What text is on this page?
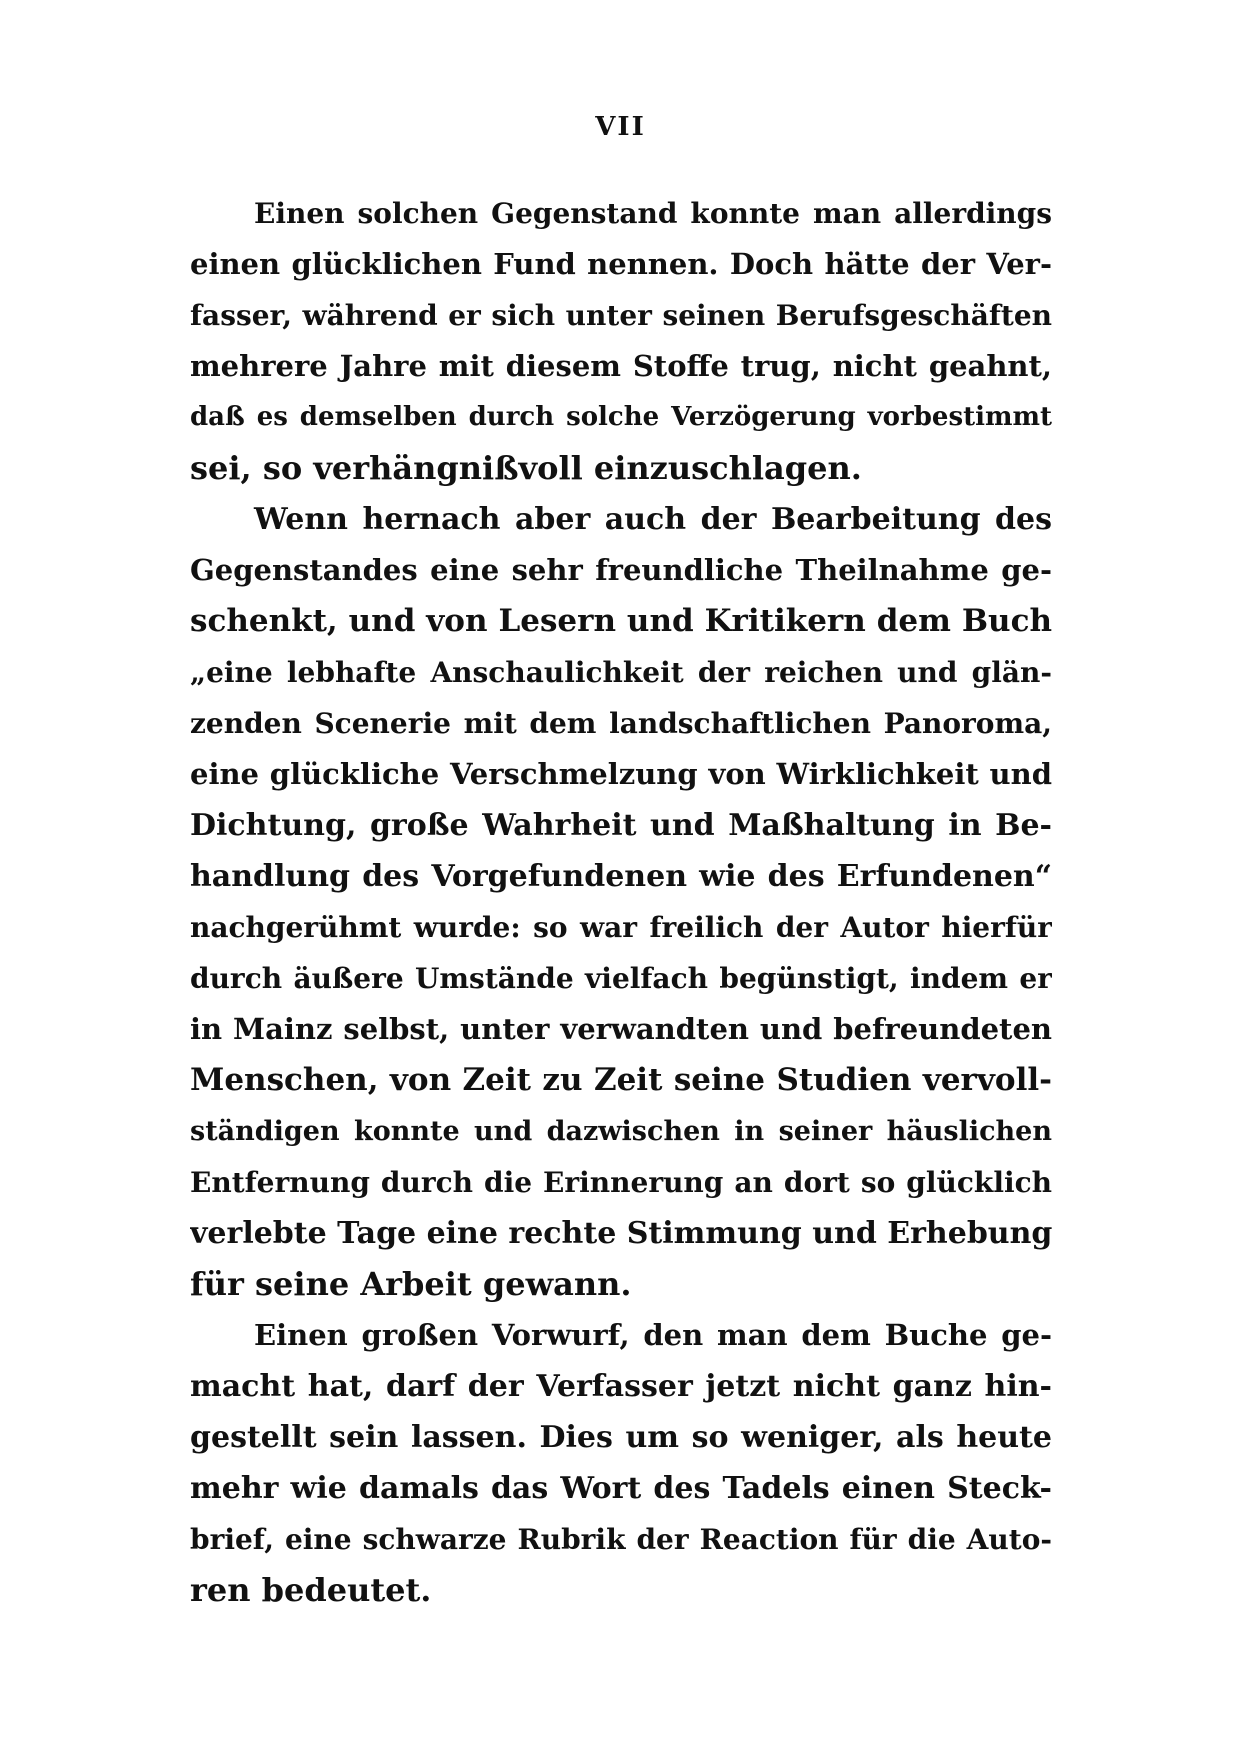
VII
Einen solchen Gegenstand konnte man allerdings
einen glücklichen Fund nennen. Doch hätte der Ver-
fasser, während er sich unter seinen Berufsgeschäften
mehrere Jahre mit diesem Stoffe trug, nicht geahnt,
daß es demselben durch solche Verzögerung vorbestimmt
sei, so verhängnißvoll einzuschlagen.
Wenn hernach aber auch der Bearbeitung des
Gegenstandes eine sehr freundliche Theilnahme ge-
schenkt, und von Lesern und Kritikern dem Buch
„eine lebhafte Anschaulichkeit der reichen und glän-
zenden Scenerie mit dem landschaftlichen Panoroma,
eine glückliche Verschmelzung von Wirklichkeit und
Dichtung, große Wahrheit und Maßhaltung in Be-
handlung des Vorgefundenen wie des Erfundenen“
nachgerühmt wurde: so war freilich der Autor hierfür
durch äußere Umstände vielfach begünstigt, indem er
in Mainz selbst, unter verwandten und befreundeten
Menschen, von Zeit zu Zeit seine Studien vervoll-
ständigen konnte und dazwischen in seiner häuslichen
Entfernung durch die Erinnerung an dort so glücklich
verlebte Tage eine rechte Stimmung und Erhebung
für seine Arbeit gewann.
Einen großen Vorwurf, den man dem Buche ge-
macht hat, darf der Verfasser jetzt nicht ganz hin-
gestellt sein lassen. Dies um so weniger, als heute
mehr wie damals das Wort des Tadels einen Steck-
brief, eine schwarze Rubrik der Reaction für die Auto-
ren bedeutet.
